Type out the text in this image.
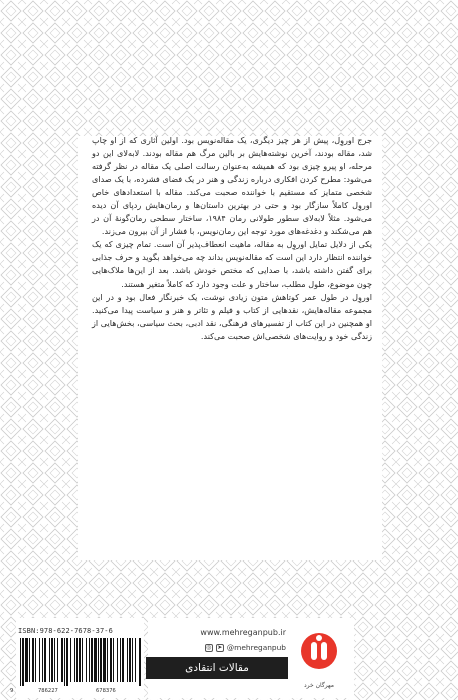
جرج اوروِل، پیش از هر چیز دیگری، یک مقاله‌نویس بود. اولین آثاری که از او چاپ شد، مقاله بودند، آخرین نوشته‌هایش بر بالین مرگ هم مقاله بودند. لابه‌لای این دو مرحله، او پیرو چیزی بود که همیشه به‌عنوان رسالت اصلی یک مقاله در نظر گرفته می‌شود: مطرح کردن افکاری درباره زندگی و هنر در یک فضای فشرده، با یک صدای شخصی متمایز که مستقیم با خواننده صحبت می‌کند. مقاله با استعدادهای خاص اوروِل کاملاً سازگار بود و حتی در بهترین داستان‌ها و رمان‌هایش رد‌پای آن دیده می‌شود. مثلاً لابه‌لای سطور طولانی رمان ۱۹۸۴، ساختار سطحی رمان‌گونهٔ آن در هم می‌شکند و دغدغه‌های مورد توجه این رمان‌نویس، با فشار از آن بیرون می‌زند.

یکی از دلایل تمایل اوروِل به مقاله، ماهیت انعطاف‌پذیر آن است. تمام چیزی که یک خواننده انتظار دارد این است که مقاله‌نویس بداند چه می‌خواهد بگوید و حرف جذابی برای گفتن داشته باشد، با صدایی که مختص خودش باشد. بعد از این‌ها ملاک‌هایی چون موضوع، طول مطلب، ساختار و علت وجود دارد که کاملاً متغیر هستند.

اوروِل در طول عمر کوتاهش متون زیادی نوشت، یک خبرنگار فعال بود و در این مجموعه مقاله‌هایش، نقدهایی از کتاب و فیلم و تئاتر و هنر و سیاست پیدا می‌کنید. او همچنین در این کتاب از تفسیرهای فرهنگی، نقد ادبی، بحث سیاسی، بخش‌هایی از زندگی خود و روایت‌های شخصی‌اش صحبت می‌کند.

www.mehreganpub.ir
◎ ➤ @mehreganpub
مقالات انتقادی
مهرگان خرد
ISBN:978-622-7678-37-6
9	786227	678376
